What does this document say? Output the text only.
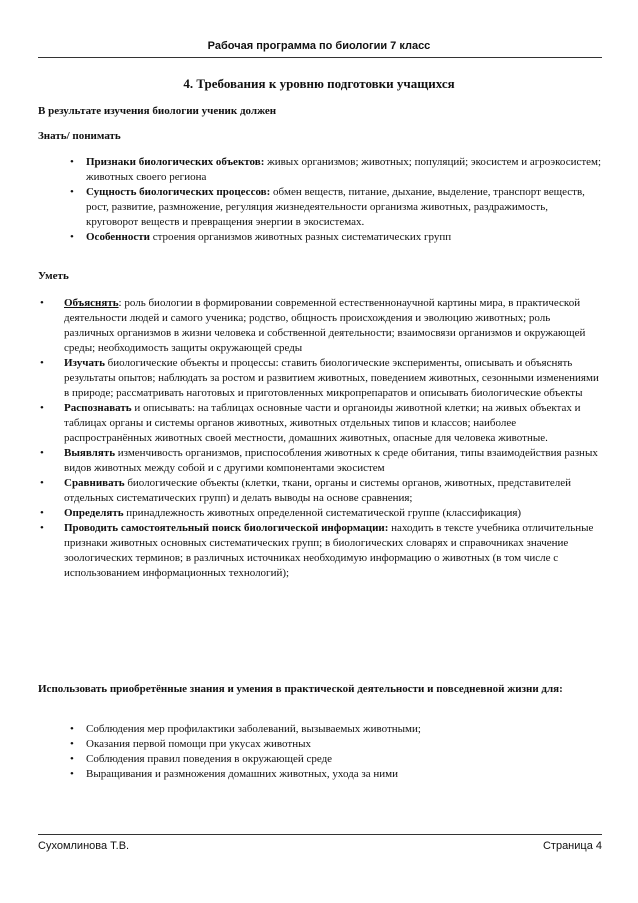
Рабочая программа по биологии 7 класс
4. Требования к уровню подготовки учащихся
В результате изучения биологии ученик должен
Знать/ понимать
• Признаки биологических объектов: живых организмов; животных; популяций; экосистем и агроэкосистем; животных своего региона
• Сущность биологических процессов: обмен веществ, питание, дыхание, выделение, транспорт веществ, рост, развитие, размножение, регуляция жизнедеятельности организма животных, раздражимость, круговорот веществ и превращения энергии в экосистемах.
• Особенности строения организмов животных разных систематических групп
Уметь
• Объяснять: роль биологии в формировании современной естественнонаучной картины мира, в практической деятельности людей и самого ученика; родство, общность происхождения и эволюцию животных; роль различных организмов в жизни человека и собственной деятельности; взаимосвязи организмов и окружающей среды; необходимость защиты окружающей среды
• Изучать биологические объекты и процессы: ставить биологические эксперименты, описывать и объяснять результаты опытов; наблюдать за ростом и развитием животных, поведением животных, сезонными изменениями в природе; рассматривать наготовых и приготовленных микропрепаратов и описывать биологические объекты
• Распознавать и описывать: на таблицах основные части и органоиды животной клетки; на живых объектах и таблицах органы и системы органов животных, животных отдельных типов и классов; наиболее распространённых животных своей местности, домашних животных, опасные для человека животные.
• Выявлять изменчивость организмов, приспособления животных к среде обитания, типы взаимодействия разных видов животных между собой и с другими компонентами экосистем
• Сравнивать биологические объекты (клетки, ткани, органы и системы органов, животных, представителей отдельных систематических групп) и делать выводы на основе сравнения;
• Определять принадлежность животных определенной систематической группе (классификация)
• Проводить самостоятельный поиск биологической информации: находить в тексте учебника отличительные признаки животных основных систематических групп; в биологических словарях и справочниках значение зоологических терминов; в различных источниках необходимую информацию о животных (в том числе с использованием информационных технологий);
Использовать приобретённые знания и умения в практической деятельности и повседневной жизни для:
• Соблюдения мер профилактики заболеваний, вызываемых животными;
• Оказания первой помощи при укусах животных
• Соблюдения правил поведения в окружающей среде
• Выращивания и размножения домашних животных, ухода за ними
Сухомлинова Т.В.	Страница 4
